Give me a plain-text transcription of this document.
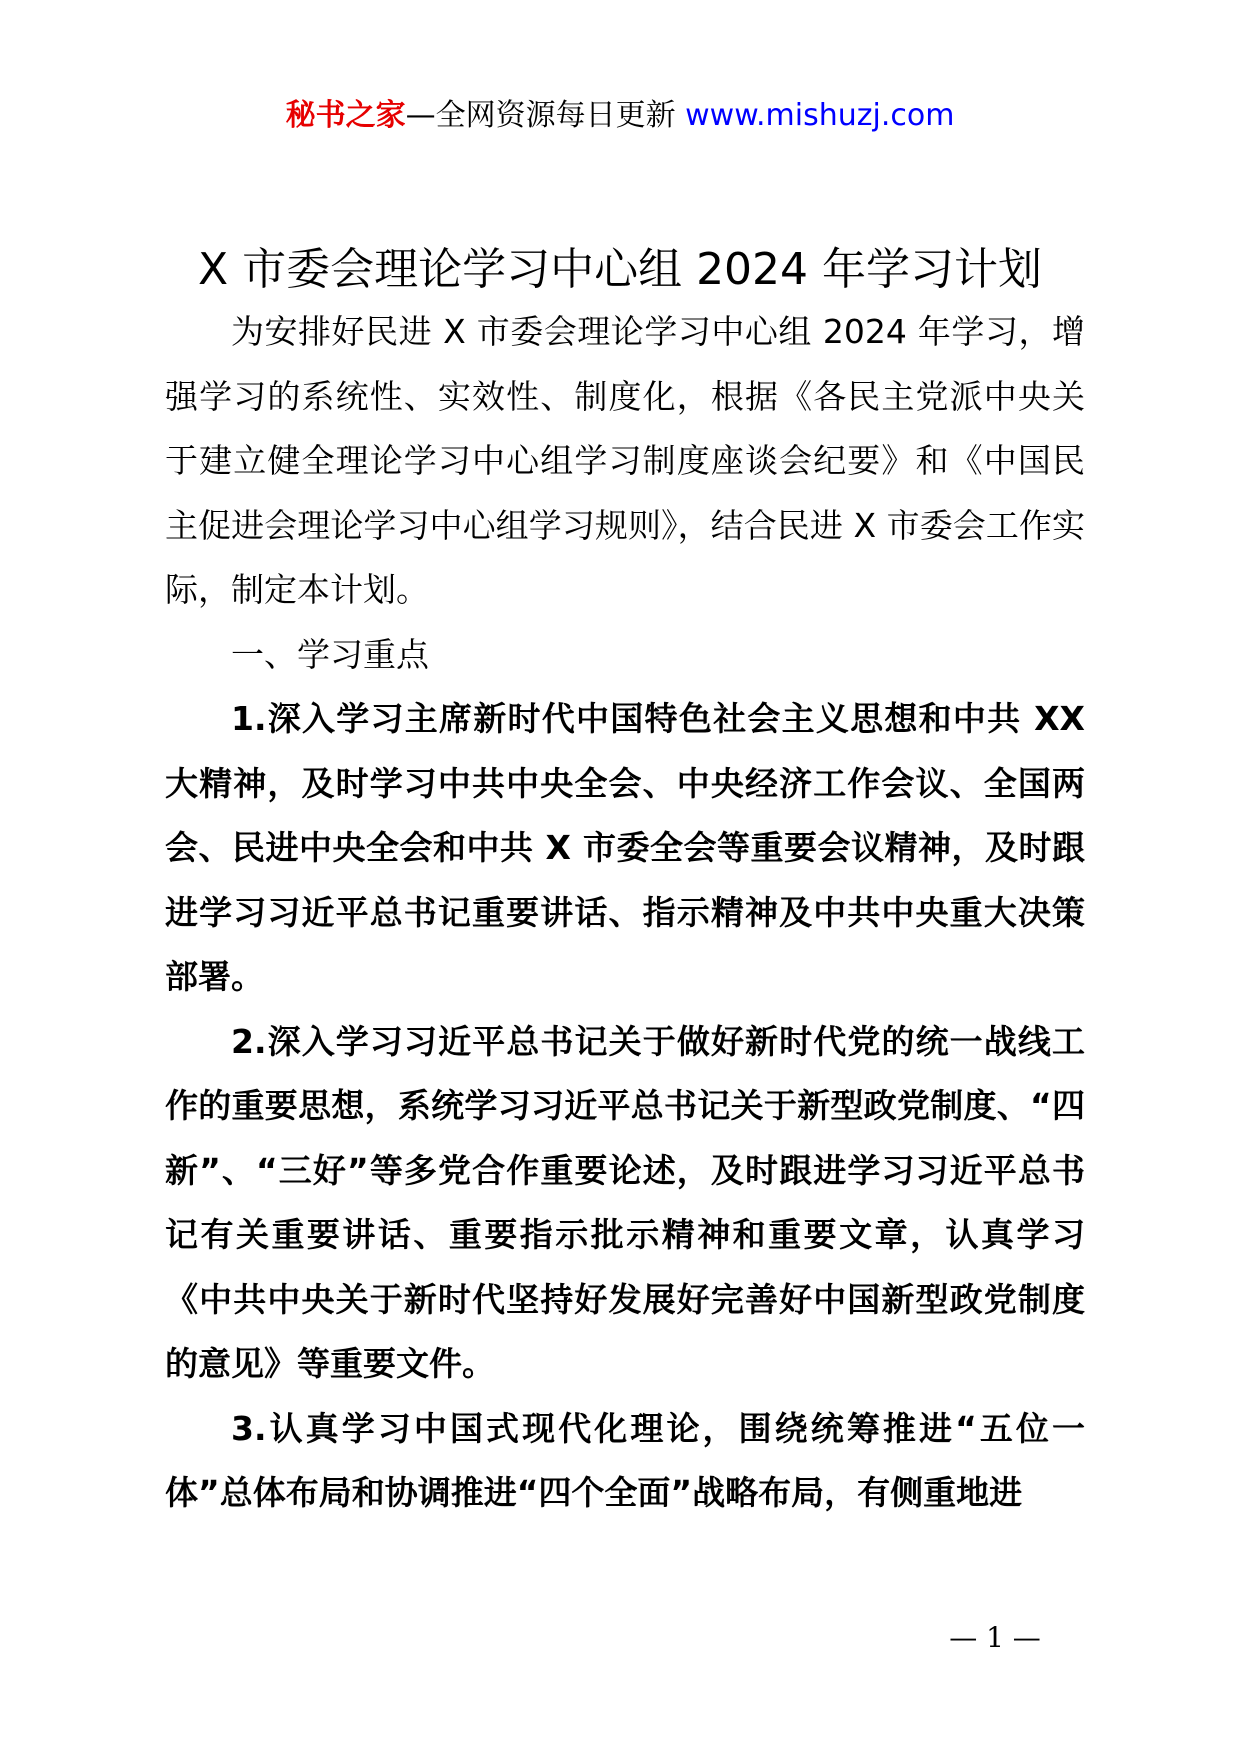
秘书之家—全网资源每日更新 www.mishuzj.com
X 市委会理论学习中心组 2024 年学习计划

为安排好民进 X 市委会理论学习中心组 2024 年学习，增强学习的系统性、实效性、制度化，根据《各民主党派中央关于建立健全理论学习中心组学习制度座谈会纪要》和《中国民主促进会理论学习中心组学习规则》，结合民进 X 市委会工作实际，制定本计划。

一、学习重点

1.深入学习主席新时代中国特色社会主义思想和中共 XX 大精神，及时学习中共中央全会、中央经济工作会议、全国两会、民进中央全会和中共 X 市委全会等重要会议精神，及时跟进学习习近平总书记重要讲话、指示精神及中共中央重大决策部署。

2.深入学习习近平总书记关于做好新时代党的统一战线工作的重要思想，系统学习习近平总书记关于新型政党制度、“四新”、“三好”等多党合作重要论述，及时跟进学习习近平总书记有关重要讲话、重要指示批示精神和重要文章，认真学习《中共中央关于新时代坚持好发展好完善好中国新型政党制度的意见》等重要文件。

3.认真学习中国式现代化理论，围绕统筹推进“五位一体”总体布局和协调推进“四个全面”战略布局，有侧重地进

— 1 —
